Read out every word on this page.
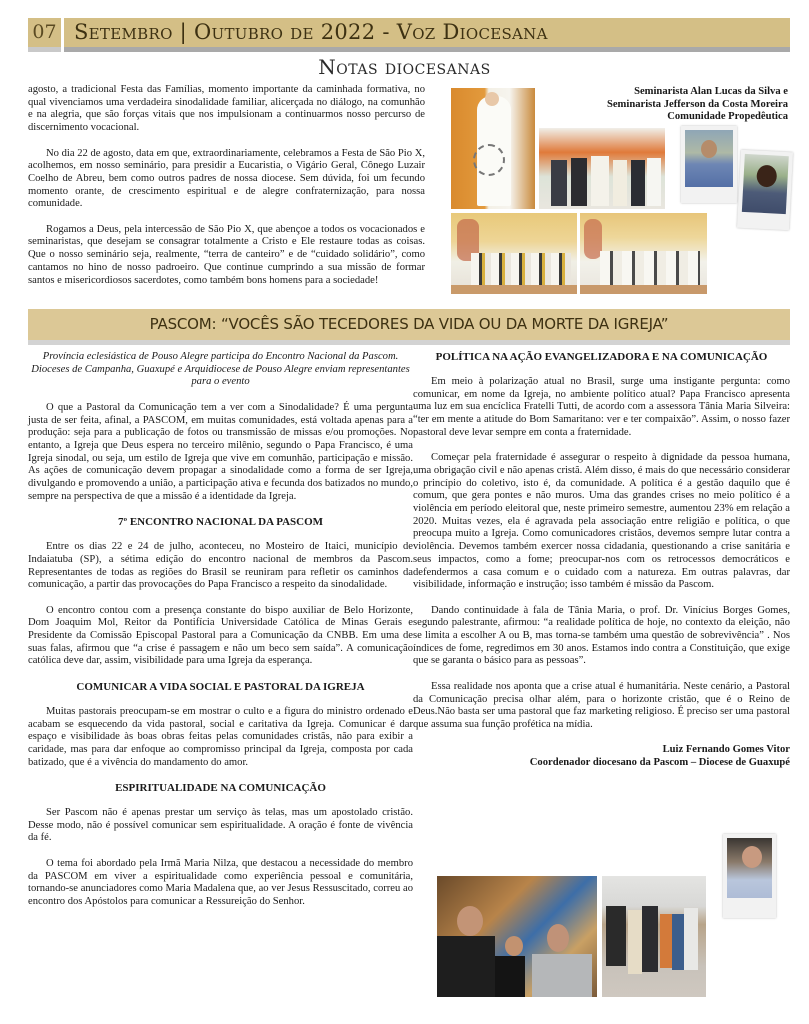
07 Setembro | Outubro de 2022 - Voz Diocesana
Notas diocesanas

agosto, a tradicional Festa das Famílias, momento importante da caminhada formativa, no qual vivenciamos uma verdadeira sinodalidade familiar, alicerçada no diálogo, na comunhão e na alegria, que são forças vitais que nos impulsionam a continuarmos nosso percurso de discernimento vocacional.

No dia 22 de agosto, data em que, extraordinariamente, celebramos a Festa de São Pio X, acolhemos, em nosso seminário, para presidir a Eucaristia, o Vigário Geral, Cônego Luzair Coelho de Abreu, bem como outros padres de nossa diocese. Sem dúvida, foi um fecundo momento orante, de crescimento espiritual e de alegre confraternização, para nossa comunidade.

Rogamos a Deus, pela intercessão de São Pio X, que abençoe a todos os vocacionados e seminaristas, que desejam se consagrar totalmente a Cristo e Ele restaure todas as coisas. Que o nosso seminário seja, realmente, “terra de canteiro” e de “cuidado solidário”, como cantamos no hino de nosso padroeiro. Que continue cumprindo a sua missão de formar santos e misericordiosos sacerdotes, como também bons homens para a sociedade!

Seminarista Alan Lucas da Silva e
Seminarista Jefferson da Costa Moreira
Comunidade Propedêutica
PASCOM: “VOCÊS SÃO TECEDORES DA VIDA OU DA MORTE DA IGREJA”
Província eclesiástica de Pouso Alegre participa do Encontro Nacional da Pascom. Dioceses de Campanha, Guaxupé e Arquidiocese de Pouso Alegre enviam representantes para o evento

O que a Pastoral da Comunicação tem a ver com a Sinodalidade? É uma pergunta justa de ser feita, afinal, a PASCOM, em muitas comunidades, está voltada apenas para a produção: seja para a publicação de fotos ou transmissão de missas e/ou promoções. No entanto, a Igreja que Deus espera no terceiro milênio, segundo o Papa Francisco, é uma Igreja sinodal, ou seja, um estilo de Igreja que vive em comunhão, participação e missão. As ações de comunicação devem propagar a sinodalidade como a forma de ser Igreja, divulgando e promovendo a união, a participação ativa e fecunda dos batizados no mundo, sempre na perspectiva de que a missão é a identidade da Igreja.

7º ENCONTRO NACIONAL DA PASCOM

Entre os dias 22 e 24 de julho, aconteceu, no Mosteiro de Itaici, município de Indaiatuba (SP), a sétima edição do encontro nacional de membros da Pascom. Representantes de todas as regiões do Brasil se reuniram para refletir os caminhos da comunicação, a partir das provocações do Papa Francisco a respeito da sinodalidade.

O encontro contou com a presença constante do bispo auxiliar de Belo Horizonte, Dom Joaquim Mol, Reitor da Pontifícia Universidade Católica de Minas Gerais e Presidente da Comissão Episcopal Pastoral para a Comunicação da CNBB. Em uma de suas falas, afirmou que “a crise é passagem e não um beco sem saída”. A comunicação católica deve dar, assim, visibilidade para uma Igreja da esperança.

COMUNICAR A VIDA SOCIAL E PASTORAL DA IGREJA

Muitas pastorais preocupam-se em mostrar o culto e a figura do ministro ordenado e acabam se esquecendo da vida pastoral, social e caritativa da Igreja. Comunicar é dar espaço e visibilidade às boas obras feitas pelas comunidades cristãs, não para exibir a caridade, mas para dar enfoque ao compromisso principal da Igreja, composta por cada batizado, que é a vivência do mandamento do amor.

ESPIRITUALIDADE NA COMUNICAÇÃO

Ser Pascom não é apenas prestar um serviço às telas, mas um apostolado cristão. Desse modo, não é possível comunicar sem espiritualidade. A oração é fonte de vivência da fé.

O tema foi abordado pela Irmã Maria Nilza, que destacou a necessidade do membro da PASCOM em viver a espiritualidade como experiência pessoal e comunitária, tornando-se anunciadores como Maria Madalena que, ao ver Jesus Ressuscitado, correu ao encontro dos Apóstolos para comunicar a Ressureição do Senhor.

POLÍTICA NA AÇÃO EVANGELIZADORA E NA COMUNICAÇÃO

Em meio à polarização atual no Brasil, surge uma instigante pergunta: como comunicar, em nome da Igreja, no ambiente político atual? Papa Francisco apresenta uma luz em sua encíclica Fratelli Tutti, de acordo com a assessora Tânia Maria Silveira: “ter em mente a atitude do Bom Samaritano: ver e ter compaixão”. Assim, o nosso fazer pastoral deve levar sempre em conta a fraternidade.

Começar pela fraternidade é assegurar o respeito à dignidade da pessoa humana, uma obrigação civil e não apenas cristã. Além disso, é mais do que necessário considerar o princípio do coletivo, isto é, da comunidade. A política é a gestão daquilo que é comum, que gera pontes e não muros. Uma das grandes crises no meio político é a violência em período eleitoral que, neste primeiro semestre, aumentou 23% em relação a 2020. Muitas vezes, ela é agravada pela associação entre religião e política, o que preocupa muito a Igreja. Como comunicadores cristãos, devemos sempre lutar contra a violência. Devemos também exercer nossa cidadania, questionando a crise sanitária e seus impactos, como a fome; preocupar-nos com os retrocessos democráticos e defendermos a casa comum e o cuidado com a natureza. Em outras palavras, dar visibilidade, informação e instrução; isso também é missão da Pascom.

Dando continuidade à fala de Tânia Maria, o prof. Dr. Vinícius Borges Gomes, segundo palestrante, afirmou: “a realidade política de hoje, no contexto da eleição, não se limita a escolher A ou B, mas torna-se também uma questão de sobrevivência” . Nos índices de fome, regredimos em 30 anos. Estamos indo contra a Constituição, que exige que se garanta o básico para as pessoas”.

Essa realidade nos aponta que a crise atual é humanitária. Neste cenário, a Pastoral da Comunicação precisa olhar além, para o horizonte cristão, que é o Reino de Deus.Não basta ser uma pastoral que faz marketing religioso. É preciso ser uma pastoral que assuma sua função profética na mídia.

Luiz Fernando Gomes Vitor
Coordenador diocesano da Pascom – Diocese de Guaxupé
